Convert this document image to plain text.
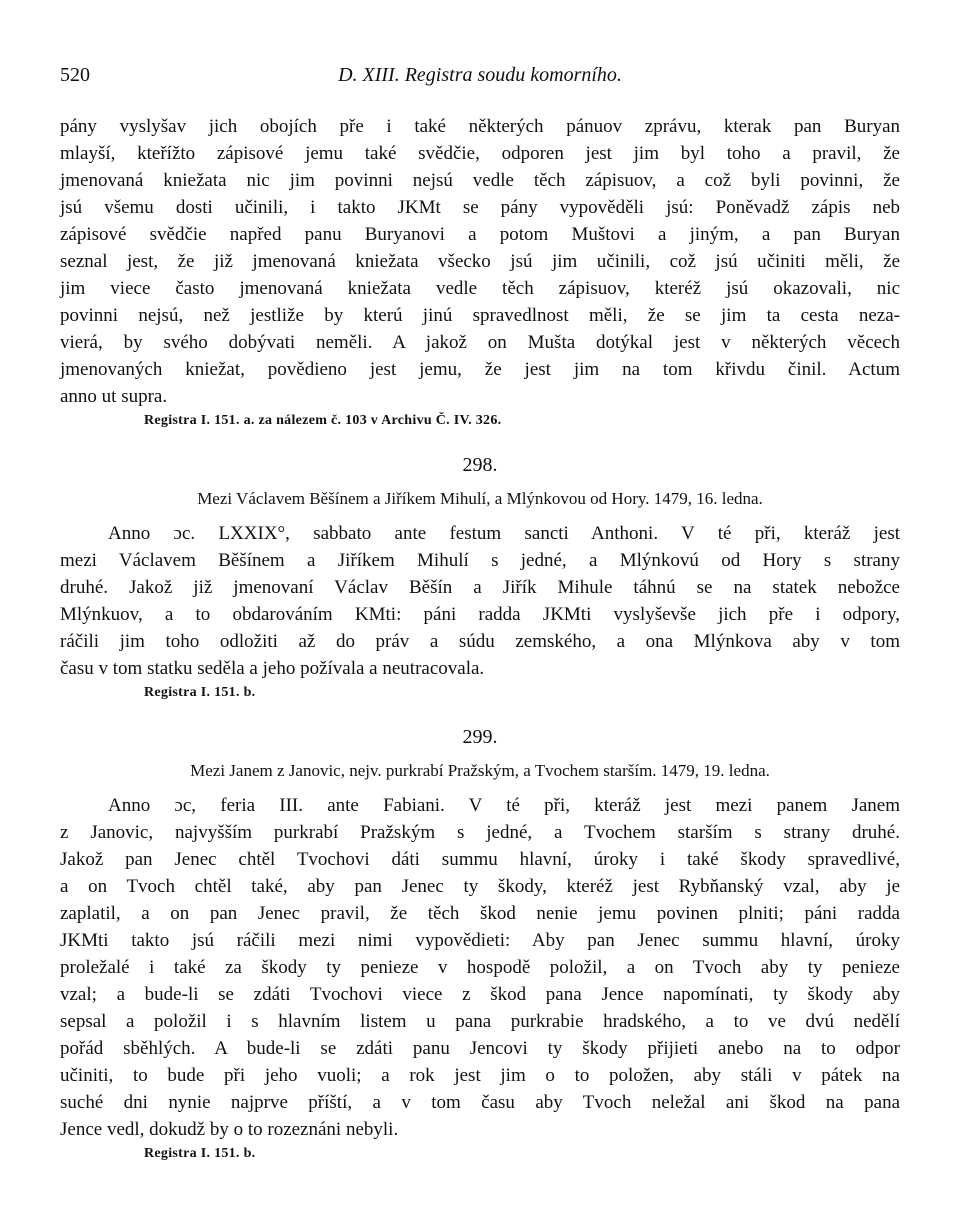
520	D. XIII. Registra soudu komorního.
pány vyslyšav jich obojích pře i také některých pánuov zprávu, kterak pan Buryan
mlayší, kteřížto zápisové jemu také svědčie, odporen jest jim byl toho a pravil, že
jmenovaná kniežata nic jim povinni nejsú vedle těch zápisuov, a což byli povinni, že
jsú všemu dosti učinili, i takto JKMt se pány vypověděli jsú: Poněvadž zápis neb
zápisové svědčie napřed panu Buryanovi a potom Muštovi a jiným, a pan Buryan
seznal jest, že již jmenovaná kniežata všecko jsú jim učinili, což jsú učiniti měli, že
jim viece často jmenovaná kniežata vedle těch zápisuov, kteréž jsú okazovali, nic
povinni nejsú, než jestliže by kterú jinú spravedlnost měli, že se jim ta cesta neza-
vierá, by svého dobývati neměli. A jakož on Mušta dotýkal jest v některých věcech
jmenovaných kniežat, povědieno jest jemu, že jest jim na tom křivdu činil. Actum
anno ut supra.
Registra I. 151. a. za nálezem č. 103 v Archivu Č. IV. 326.
298.
Mezi Václavem Běšínem a Jiříkem Mihulí, a Mlýnkovou od Hory. 1479, 16. ledna.
Anno ɔc. LXXIX°, sabbato ante festum sancti Anthoni. V té při, kteráž jest
mezi Václavem Běšínem a Jiříkem Mihulí s jedné, a Mlýnkovú od Hory s strany
druhé. Jakož již jmenovaní Václav Běšín a Jiřík Mihule táhnú se na statek nebožce
Mlýnkuov, a to obdarováním KMti: páni radda JKMti vyslyševše jich pře i odpory,
ráčili jim toho odložiti až do práv a súdu zemského, a ona Mlýnkova aby v tom
času v tom statku seděla a jeho požívala a neutracovala.
Registra I. 151. b.
299.
Mezi Janem z Janovic, nejv. purkrabí Pražským, a Tvochem starším. 1479, 19. ledna.
Anno ɔc, feria III. ante Fabiani. V té při, kteráž jest mezi panem Janem
z Janovic, najvyšším purkrabí Pražským s jedné, a Tvochem starším s strany druhé.
Jakož pan Jenec chtěl Tvochovi dáti summu hlavní, úroky i také škody spravedlivé,
a on Tvoch chtěl také, aby pan Jenec ty škody, kteréž jest Rybňanský vzal, aby je
zaplatil, a on pan Jenec pravil, že těch škod nenie jemu povinen plniti; páni radda
JKMti takto jsú ráčili mezi nimi vypovědieti: Aby pan Jenec summu hlavní, úroky
proležalé i také za škody ty penieze v hospodě položil, a on Tvoch aby ty penieze
vzal; a bude-li se zdáti Tvochovi viece z škod pana Jence napomínati, ty škody aby
sepsal a položil i s hlavním listem u pana purkrabie hradského, a to ve dvú nedělí
pořád sběhlých. A bude-li se zdáti panu Jencovi ty škody přijieti anebo na to odpor
učiniti, to bude při jeho vuoli; a rok jest jim o to položen, aby stáli v pátek na
suché dni nynie najprve příští, a v tom času aby Tvoch neležal ani škod na pana
Jence vedl, dokudž by o to rozeznáni nebyli.
Registra I. 151. b.
